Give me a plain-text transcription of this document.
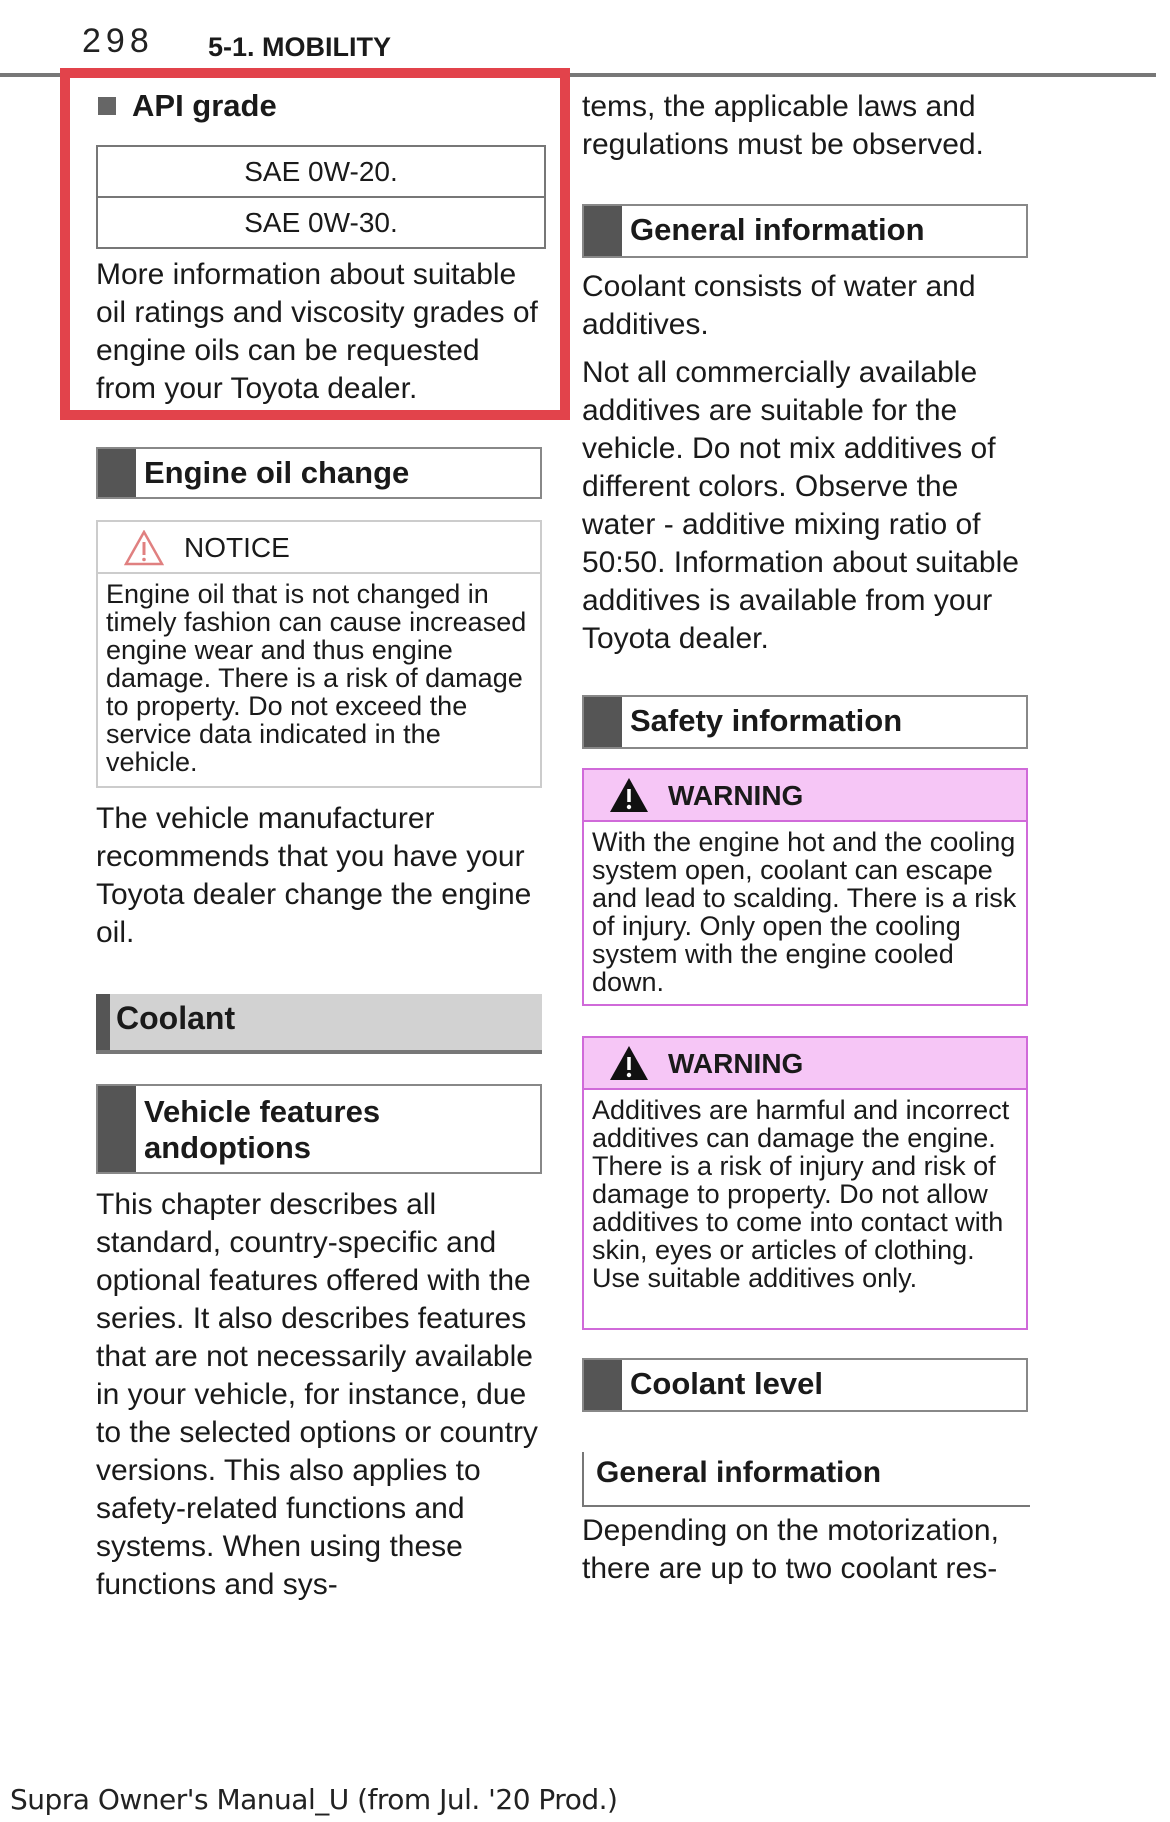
298 5-1. MOBILITY
API grade
SAE 0W-20.
SAE 0W-30.
More information about suitable oil ratings and viscosity grades of engine oils can be requested from your Toyota dealer.
Engine oil change
NOTICE
Engine oil that is not changed in timely fashion can cause increased engine wear and thus engine damage. There is a risk of damage to property. Do not exceed the service data indicated in the vehicle.
The vehicle manufacturer recommends that you have your Toyota dealer change the engine oil.
Coolant
Vehicle features andoptions
This chapter describes all standard, country-specific and optional features offered with the series. It also describes features that are not necessarily available in your vehicle, for instance, due to the selected options or country versions. This also applies to safety-related functions and systems. When using these functions and sys-
tems, the applicable laws and regulations must be observed.
General information
Coolant consists of water and additives.
Not all commercially available additives are suitable for the vehicle. Do not mix additives of different colors. Observe the water - additive mixing ratio of 50:50. Information about suitable additives is available from your Toyota dealer.
Safety information
WARNING
With the engine hot and the cooling system open, coolant can escape and lead to scalding. There is a risk of injury. Only open the cooling system with the engine cooled down.
WARNING
Additives are harmful and incorrect additives can damage the engine. There is a risk of injury and risk of damage to property. Do not allow additives to come into contact with skin, eyes or articles of clothing. Use suitable additives only.
Coolant level
General information
Depending on the motorization, there are up to two coolant res-
Supra Owner's Manual_U (from Jul. '20 Prod.)
